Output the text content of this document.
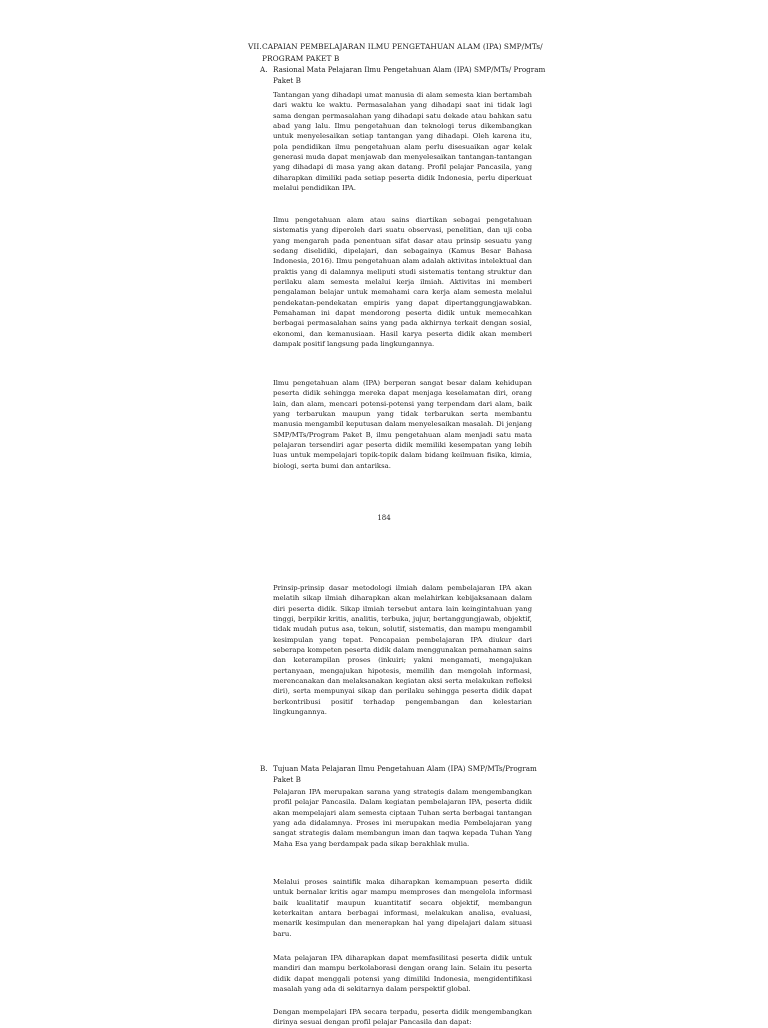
VII. CAPAIAN PEMBELAJARAN ILMU PENGETAHUAN ALAM (IPA) SMP/MTs/ PROGRAM PAKET B
A. Rasional Mata Pelajaran Ilmu Pengetahuan Alam (IPA) SMP/MTs/ Program Paket B

Tantangan yang dihadapi umat manusia di alam semesta kian bertambah dari waktu ke waktu. Permasalahan yang dihadapi saat ini tidak lagi sama dengan permasalahan yang dihadapi satu dekade atau bahkan satu abad yang lalu. Ilmu pengetahuan dan teknologi terus dikembangkan untuk menyelesaikan setiap tantangan yang dihadapi. Oleh karena itu, pola pendidikan ilmu pengetahuan alam perlu disesuaikan agar kelak generasi muda dapat menjawab dan menyelesaikan tantangan-tantangan yang dihadapi di masa yang akan datang. Profil pelajar Pancasila, yang diharapkan dimiliki pada setiap peserta didik Indonesia, perlu diperkuat melalui pendidikan IPA.

Ilmu pengetahuan alam atau sains diartikan sebagai pengetahuan sistematis yang diperoleh dari suatu observasi, penelitian, dan uji coba yang mengarah pada penentuan sifat dasar atau prinsip sesuatu yang sedang diselidiki, dipelajari, dan sebagainya (Kamus Besar Bahasa Indonesia, 2016). Ilmu pengetahuan alam adalah aktivitas intelektual dan praktis yang di dalamnya meliputi studi sistematis tentang struktur dan perilaku alam semesta melalui kerja ilmiah. Aktivitas ini memberi pengalaman belajar untuk memahami cara kerja alam semesta melalui pendekatan-pendekatan empiris yang dapat dipertanggungjawabkan. Pemahaman ini dapat mendorong peserta didik untuk memecahkan berbagai permasalahan sains yang pada akhirnya terkait dengan sosial, ekonomi, dan kemanusiaan. Hasil karya peserta didik akan memberi dampak positif langsung pada lingkungannya.

Ilmu pengetahuan alam (IPA) berperan sangat besar dalam kehidupan peserta didik sehingga mereka dapat menjaga keselamatan diri, orang lain, dan alam, mencari potensi-potensi yang terpendam dari alam, baik yang terbarukan maupun yang tidak terbarukan serta membantu manusia mengambil keputusan dalam menyelesaikan masalah. Di jenjang SMP/MTs/Program Paket B, ilmu pengetahuan alam menjadi satu mata pelajaran tersendiri agar peserta didik memiliki kesempatan yang lebih luas untuk mempelajari topik-topik dalam bidang keilmuan fisika, kimia, biologi, serta bumi dan antariksa.

184

Prinsip-prinsip dasar metodologi ilmiah dalam pembelajaran IPA akan melatih sikap ilmiah diharapkan akan melahirkan kebijaksanaan dalam diri peserta didik. Sikap ilmiah tersebut antara lain keingintahuan yang tinggi, berpikir kritis, analitis, terbuka, jujur, bertanggungjawab, objektif, tidak mudah putus asa, tekun, solutif, sistematis, dan mampu mengambil kesimpulan yang tepat. Pencapaian pembelajaran IPA diukur dari seberapa kompeten peserta didik dalam menggunakan pemahaman sains dan keterampilan proses (inkuiri; yakni mengamati, mengajukan pertanyaan, mengajukan hipotesis, memilih dan mengolah informasi, merencanakan dan melaksanakan kegiatan aksi serta melakukan refleksi diri), serta mempunyai sikap dan perilaku sehingga peserta didik dapat berkontribusi positif terhadap pengembangan dan kelestarian lingkungannya.

B. Tujuan Mata Pelajaran Ilmu Pengetahuan Alam (IPA) SMP/MTs/Program Paket B

Pelajaran IPA merupakan sarana yang strategis dalam mengembangkan profil pelajar Pancasila. Dalam kegiatan pembelajaran IPA, peserta didik akan mempelajari alam semesta ciptaan Tuhan serta berbagai tantangan yang ada didalamnya. Proses ini merupakan media Pembelajaran yang sangat strategis dalam membangun iman dan taqwa kepada Tuhan Yang Maha Esa yang berdampak pada sikap berakhlak mulia.

Melalui proses saintifik maka diharapkan kemampuan peserta didik untuk bernalar kritis agar mampu memproses dan mengelola informasi baik kualitatif maupun kuantitatif secara objektif, membangun keterkaitan antara berbagai informasi, melakukan analisa, evaluasi, menarik kesimpulan dan menerapkan hal yang dipelajari dalam situasi baru.

Mata pelajaran IPA diharapkan dapat memfasilitasi peserta didik untuk mandiri dan mampu berkolaborasi dengan orang lain. Selain itu peserta didik dapat menggali potensi yang dimiliki Indonesia, mengidentifikasi masalah yang ada di sekitarnya dalam perspektif global.

Dengan mempelajari IPA secara terpadu, peserta didik mengembangkan dirinya sesuai dengan profil pelajar Pancasila dan dapat:
